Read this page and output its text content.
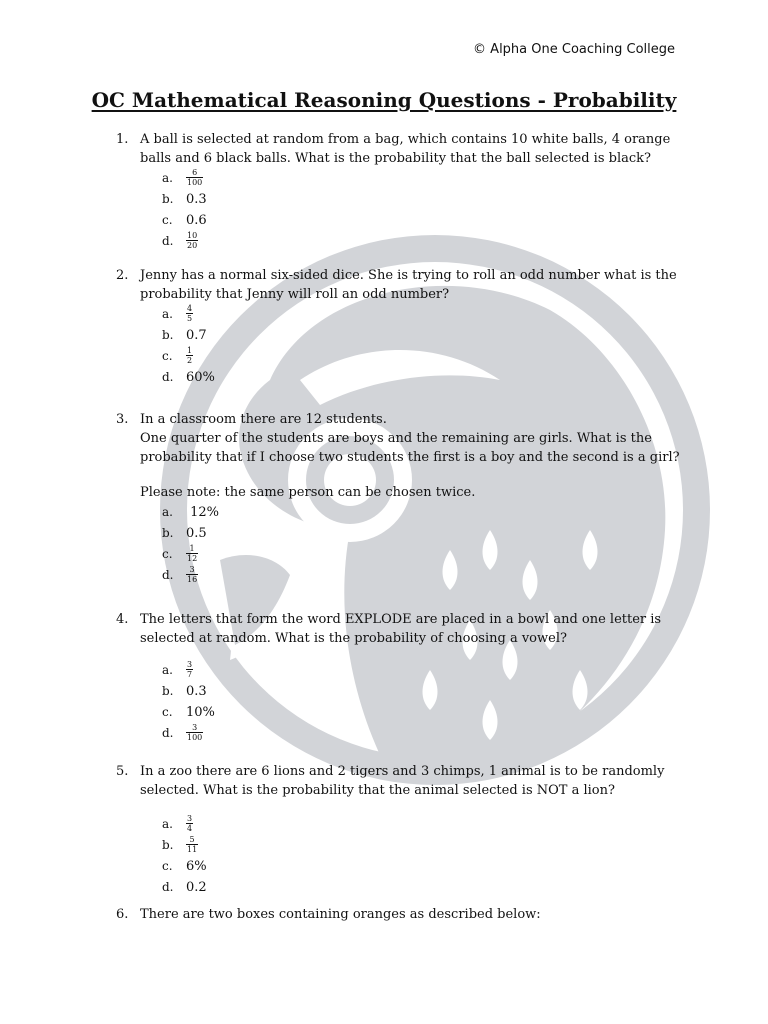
© Alpha One Coaching College
OC Mathematical Reasoning Questions - Probability
1. A ball is selected at random from a bag, which contains 10 white balls, 4 orange

balls and 6 black balls. What is the probability that the ball selected is black?

a. $\frac{6}{100}$
b. 0.3
c. 0.6
d. $\frac{10}{20}$
2. Jenny has a normal six-sided dice. She is trying to roll an odd number what is the

probability that Jenny will roll an odd number?

a. $\frac{4}{5}$
b. 0.7
c. $\frac{1}{2}$
d. 60%
3. In a classroom there are 12 students.

One quarter of the students are boys and the remaining are girls. What is the

probability that if I choose two students the first is a boy and the second is a girl?

Please note: the same person can be chosen twice.

a. 12%
b. 0.5
c. $\frac{1}{12}$
d. $\frac{3}{16}$
4. The letters that form the word EXPLODE are placed in a bowl and one letter is

selected at random. What is the probability of choosing a vowel?

a. $\frac{3}{7}$
b. 0.3
c. 10%
d. $\frac{3}{100}$
5. In a zoo there are 6 lions and 2 tigers and 3 chimps, 1 animal is to be randomly

selected. What is the probability that the animal selected is NOT a lion?

a. $\frac{3}{4}$
b. $\frac{5}{11}$
c. 6%
d. 0.2
6. There are two boxes containing oranges as described below:
